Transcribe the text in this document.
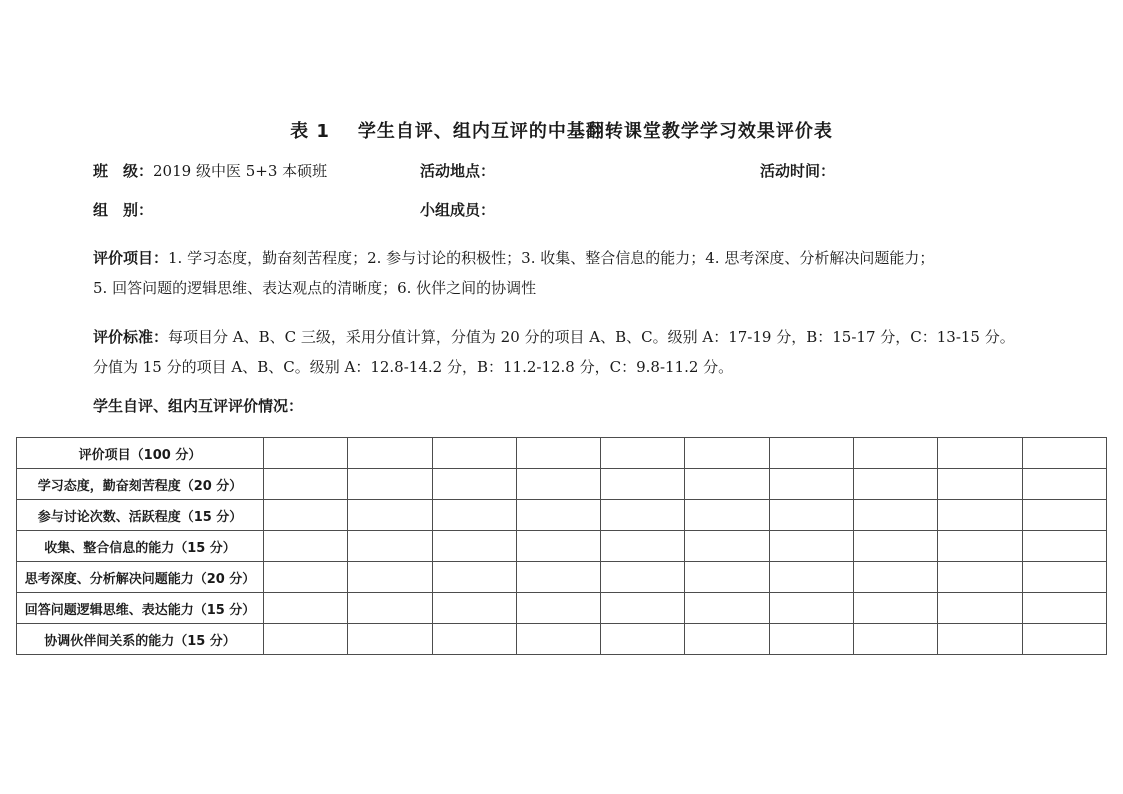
表 1 学生自评、组内互评的中基翻转课堂教学学习效果评价表
班　级：2019 级中医 5+3 本硕班	活动地点：	活动时间：
组　别：	小组成员：
评价项目：1. 学习态度，勤奋刻苦程度；2. 参与讨论的积极性；3. 收集、整合信息的能力；4. 思考深度、分析解决问题能力；
5. 回答问题的逻辑思维、表达观点的清晰度；6. 伙伴之间的协调性
评价标准：每项目分 A、B、C 三级，采用分值计算，分值为 20 分的项目 A、B、C。级别 A：17-19 分，B：15-17 分，C：13-15 分。
分值为 15 分的项目 A、B、C。级别 A：12.8-14.2 分，B：11.2-12.8 分，C：9.8-11.2 分。
学生自评、组内互评评价情况：
评价项目（100 分）										
学习态度，勤奋刻苦程度（20 分）										
参与讨论次数、活跃程度（15 分）										
收集、整合信息的能力（15 分）										
思考深度、分析解决问题能力（20 分）										
回答问题逻辑思维、表达能力（15 分）										
协调伙伴间关系的能力（15 分）										
